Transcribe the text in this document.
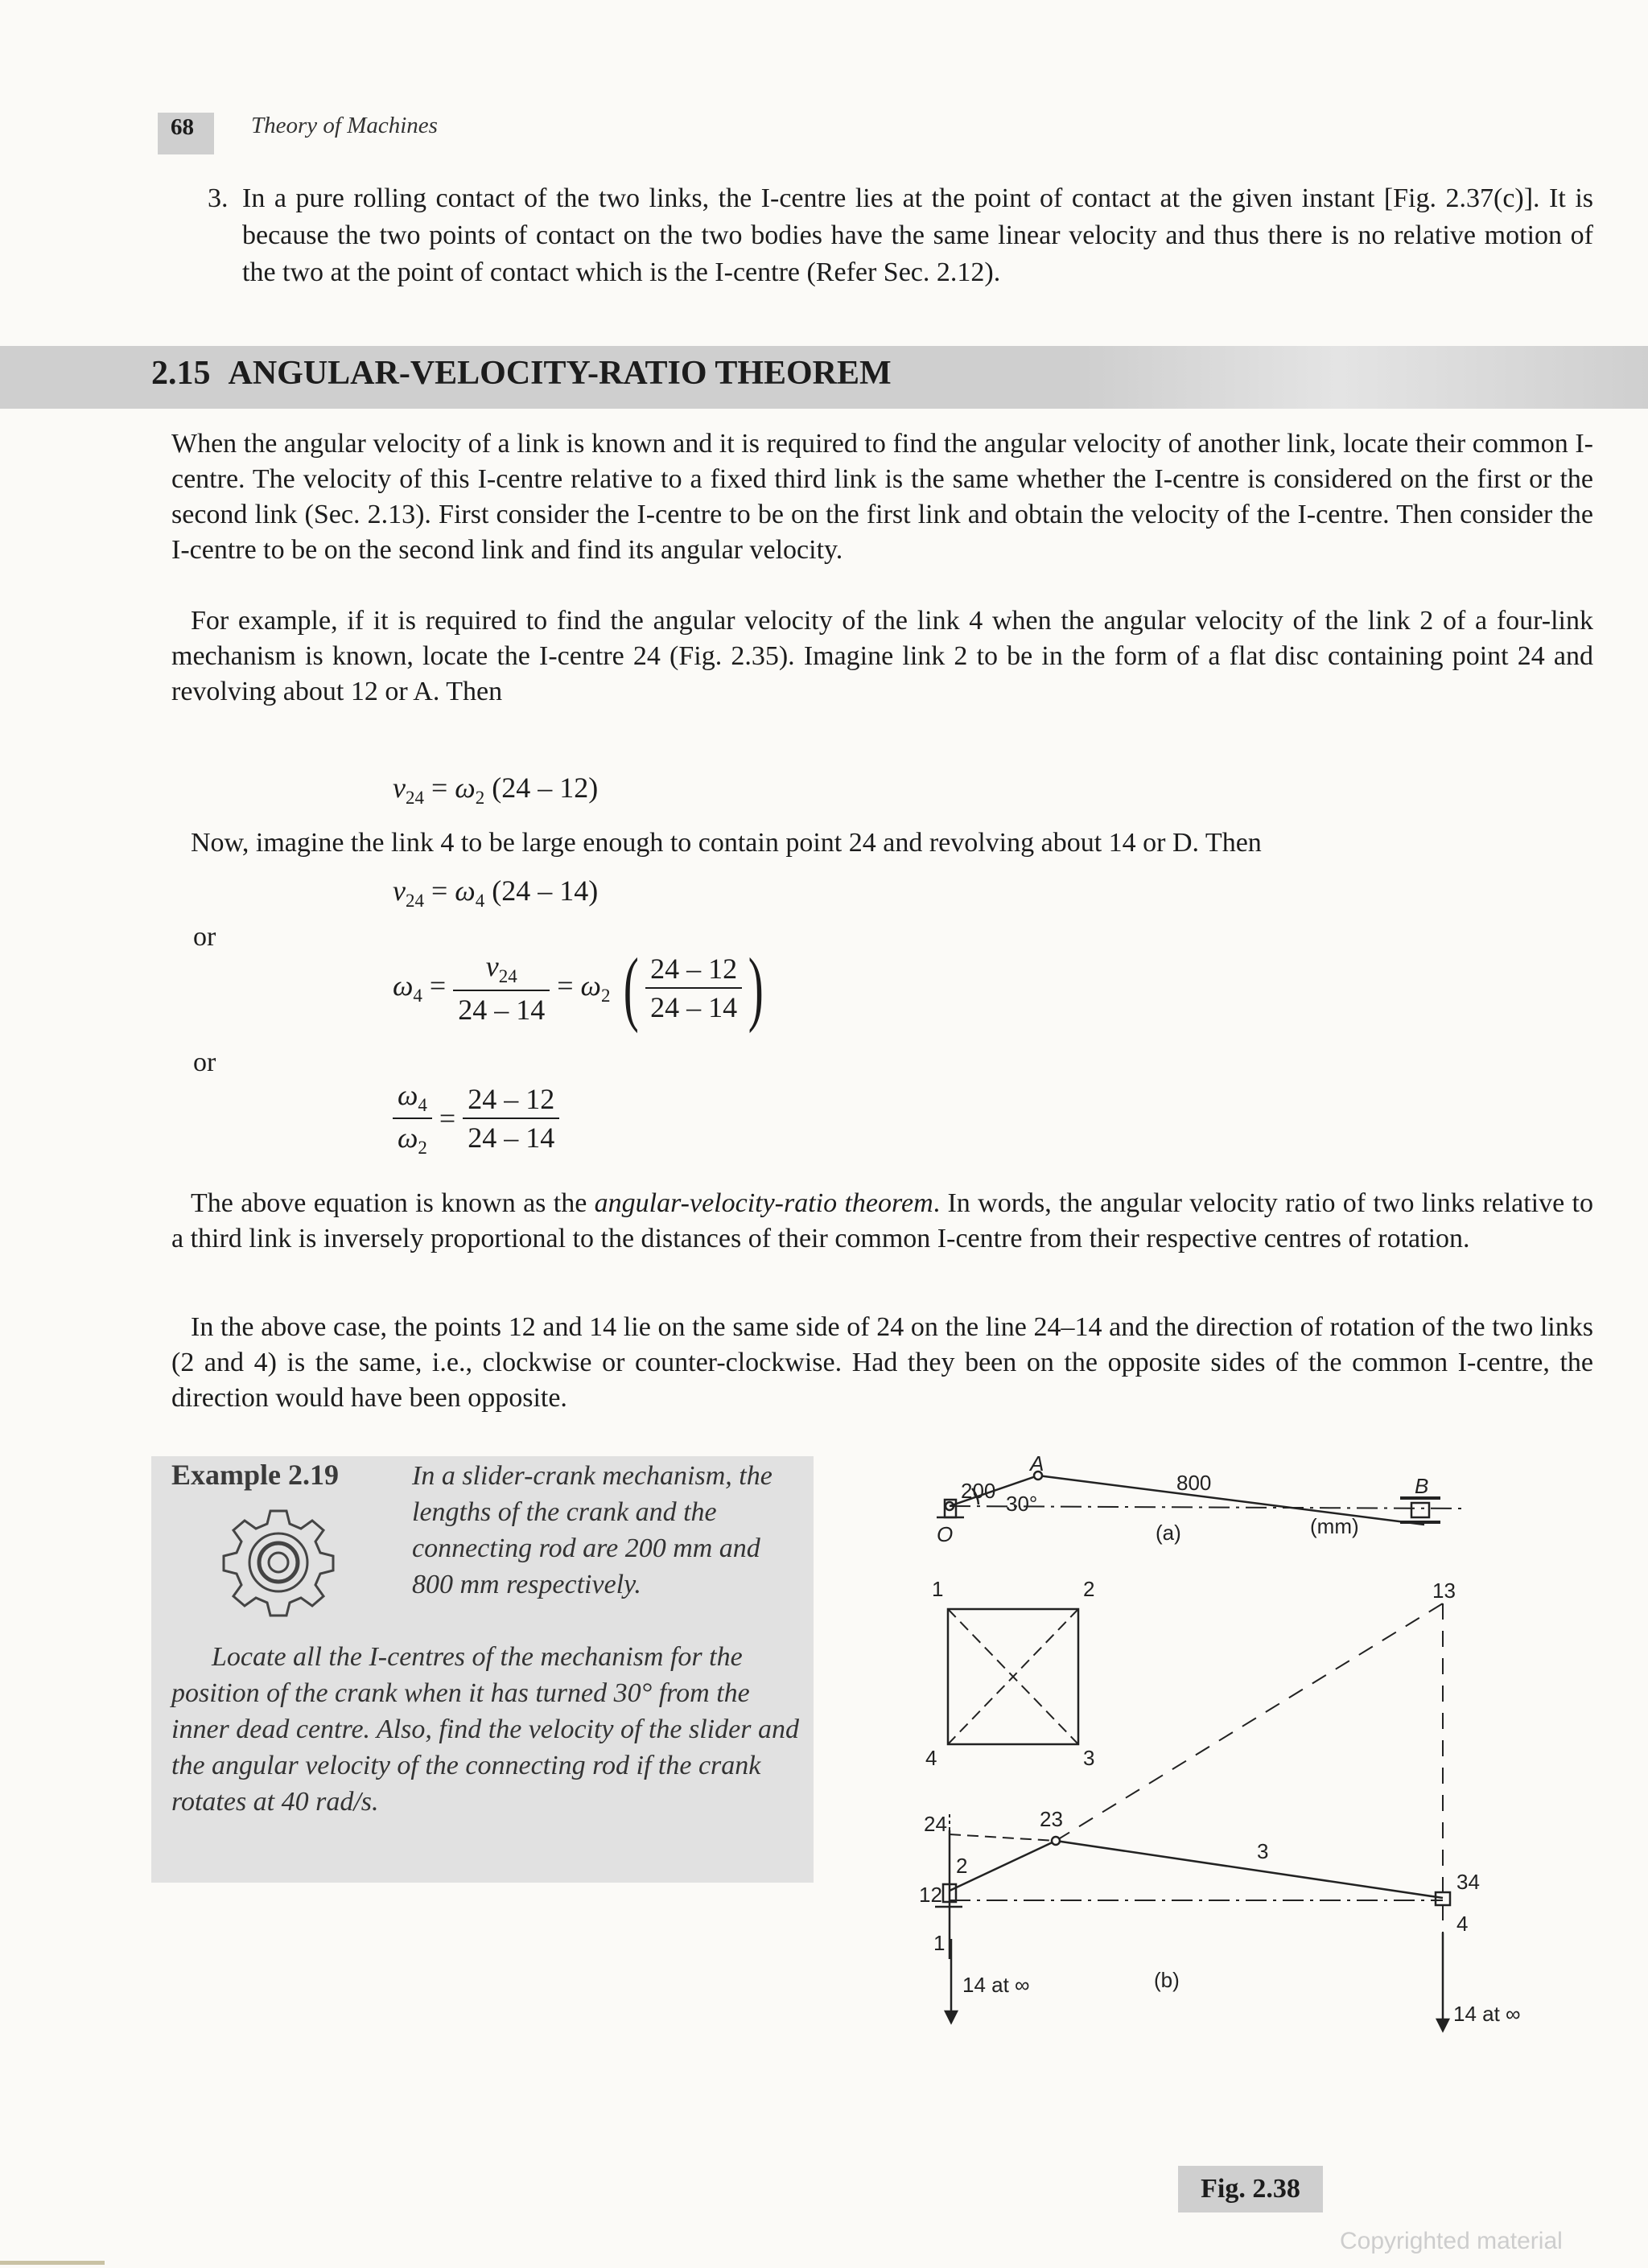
68 Theory of Machines
3. In a pure rolling contact of the two links, the I-centre lies at the point of contact at the given instant [Fig. 2.37(c)]. It is because the two points of contact on the two bodies have the same linear velocity and thus there is no relative motion of the two at the point of contact which is the I-centre (Refer Sec. 2.12).
2.15 ANGULAR-VELOCITY-RATIO THEOREM
When the angular velocity of a link is known and it is required to find the angular velocity of another link, locate their common I-centre. The velocity of this I-centre relative to a fixed third link is the same whether the I-centre is considered on the first or the second link (Sec. 2.13). First consider the I-centre to be on the first link and obtain the velocity of the I-centre. Then consider the I-centre to be on the second link and find its angular velocity.
For example, if it is required to find the angular velocity of the link 4 when the angular velocity of the link 2 of a four-link mechanism is known, locate the I-centre 24 (Fig. 2.35). Imagine link 2 to be in the form of a flat disc containing point 24 and revolving about 12 or A. Then
$v_{24} = \omega_2$ (24 – 12)
Now, imagine the link 4 to be large enough to contain point 24 and revolving about 14 or D. Then
$v_{24} = \omega_4$ (24 – 14)
or
$\omega_4 = \frac{v_{24}}{24 - 14} = \omega_2$ ( $\frac{24 - 12}{24 - 14}$ )
or
$\frac{\omega_4}{\omega_2} = \frac{24 - 12}{24 - 14}$
The above equation is known as the angular-velocity-ratio theorem. In words, the angular velocity ratio of two links relative to a third link is inversely proportional to the distances of their common I-centre from their respective centres of rotation.
In the above case, the points 12 and 14 lie on the same side of 24 on the line 24–14 and the direction of rotation of the two links (2 and 4) is the same, i.e., clockwise or counter-clockwise. Had they been on the opposite sides of the common I-centre, the direction would have been opposite.
Example 2.19	In a slider-crank mechanism, the lengths of the crank and the connecting rod are 200 mm and 800 mm respectively.
Locate all the I-centres of the mechanism for the position of the crank when it has turned 30° from the inner dead centre. Also, find the velocity of the slider and the angular velocity of the connecting rod if the crank rotates at 40 rad/s.
200
A
30°
800	B
O	(a)	(mm)
1	2
3
4
13
24	23
2
12
1
3
34
4
(b)
14 at ∞
14 at ∞
Fig. 2.38
Copyrighted material
